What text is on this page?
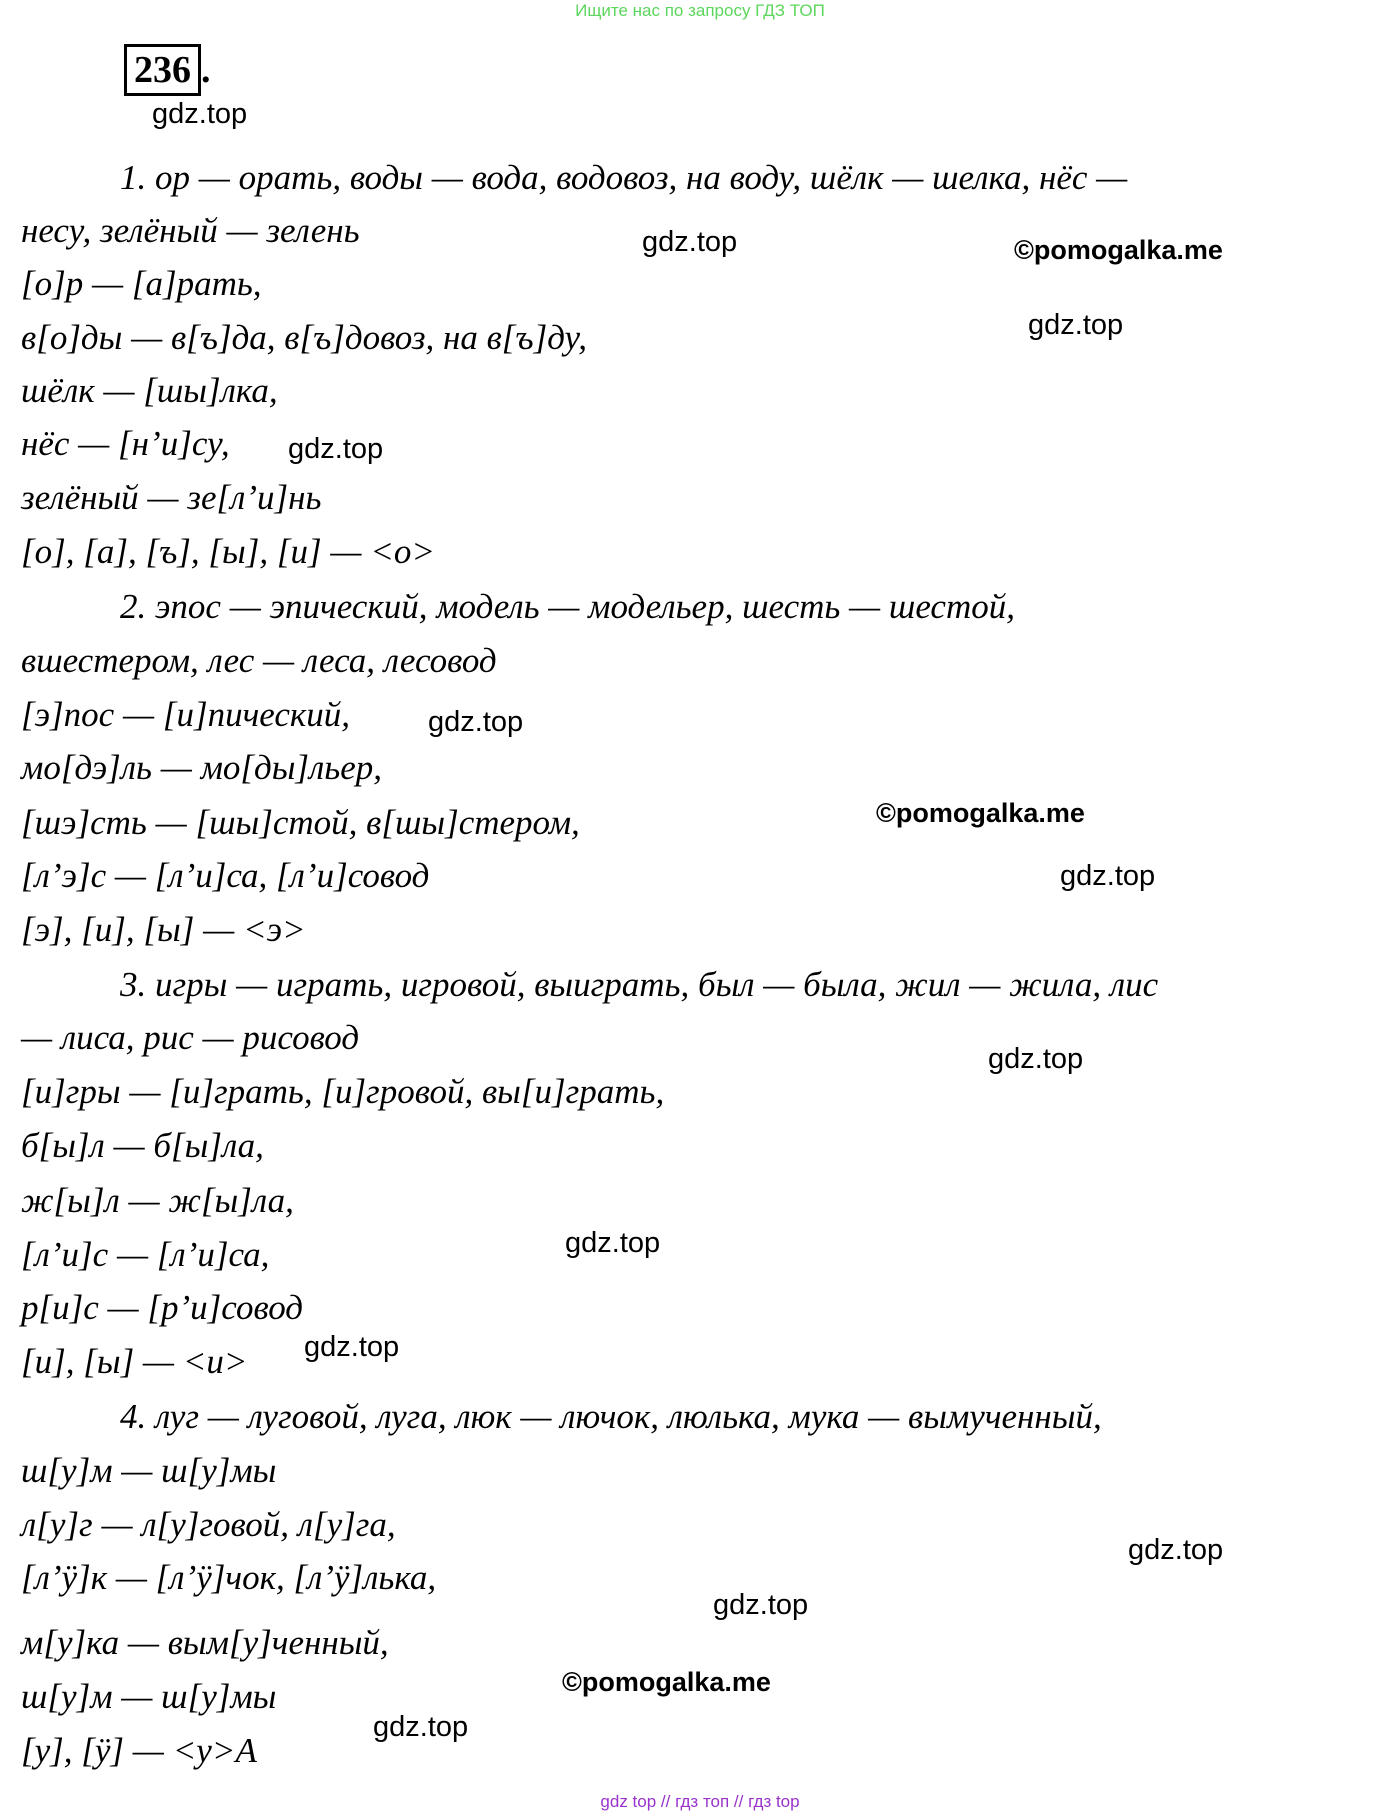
Ищите нас по запросу ГДЗ ТОП
236 .
1. ор — орать, воды — вода, водовоз, на воду, шёлк — шелка, нёс —
несу, зелёный — зелень
[о]р — [а]рать,
в[о]ды — в[ъ]да, в[ъ]довоз, на в[ъ]ду,
шёлк — [шы]лка,
нёс — [н’и]су,
зелёный — зе[л’и]нь
[о], [а], [ъ], [ы], [и] — <о>
2. эпос — эпический, модель — модельер, шесть — шестой,
вшестером, лес — леса, лесовод
[э]пос — [и]пический,
мо[дэ]ль — мо[ды]льер,
[шэ]сть — [шы]стой, в[шы]стером,
[л’э]с — [л’и]са, [л’и]совод
[э], [и], [ы] — <э>
3. игры — играть, игровой, выиграть, был — была, жил — жила, лис
— лиса, рис — рисовод
[и]гры — [и]грать, [и]гровой, вы[и]грать,
б[ы]л — б[ы]ла,
ж[ы]л — ж[ы]ла,
[л’и]с — [л’и]са,
р[и]с — [р’и]совод
[и], [ы] — <и>
4. луг — луговой, луга, люк — лючок, люлька, мука — вымученный,
ш[у]м — ш[у]мы
л[у]г — л[у]говой, л[у]га,
[л’ӱ]к — [л’ӱ]чок, [л’ӱ]лька,
м[у]ка — вым[у]ченный,
ш[у]м — ш[у]мы
[у], [ӱ] — <у>А
gdz.top
gdz.top	©pomogalka.me
gdz.top
gdz.top
gdz.top
©pomogalka.me
gdz.top
gdz.top
gdz.top
gdz.top
gdz.top
gdz.top
©pomogalka.me
gdz.top
gdz top // гдз топ // гдз top
